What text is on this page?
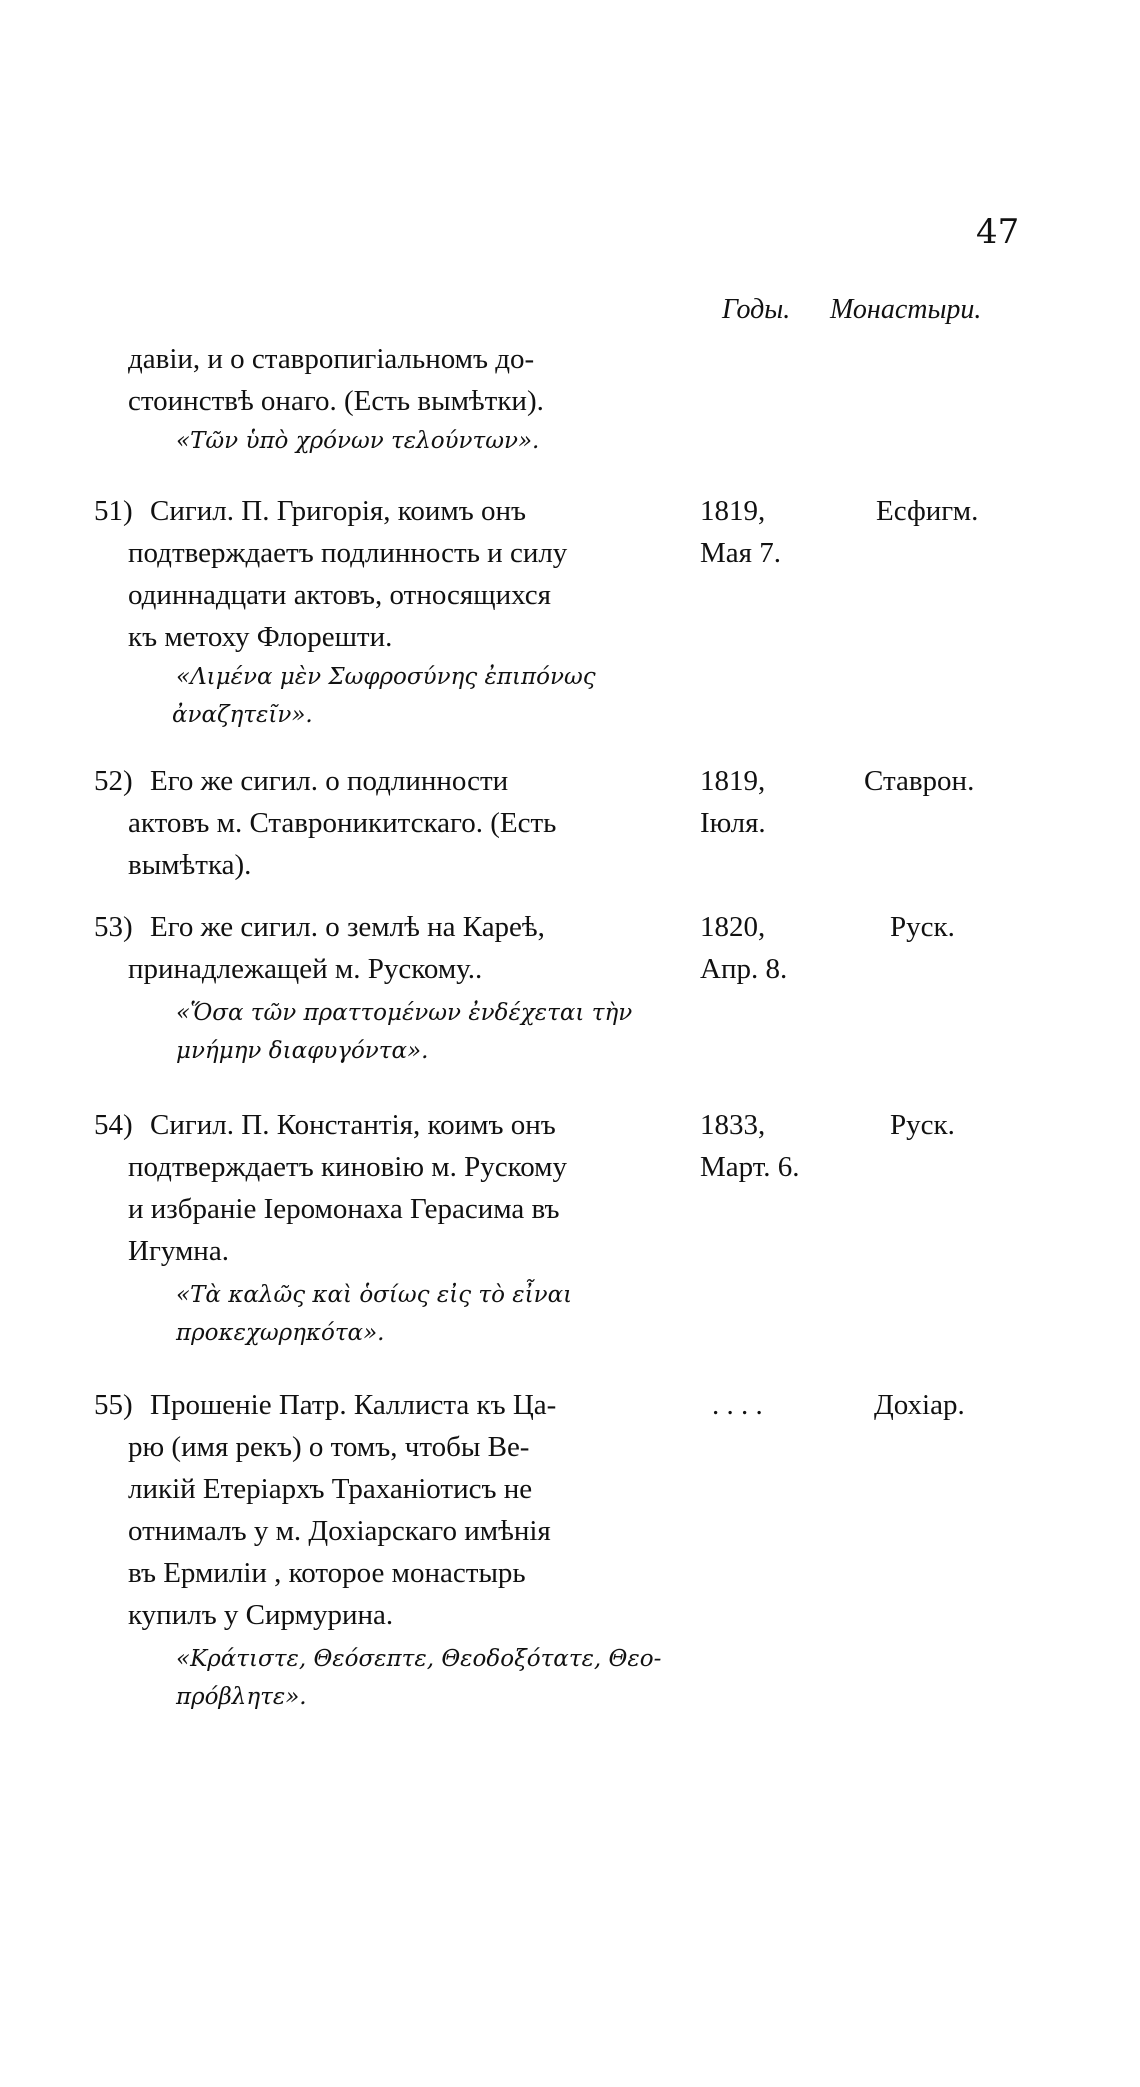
47
Годы. Монастыри.
давіи, и о ставропигіальномъ до-
стоинствѣ онаго. (Есть вымѣтки).
«Τῶν ὑπὸ χρόνων τελούντων».
51) Сигил. П. Григорія, коимъ онъ
подтверждаетъ подлинность и силу
одиннадцати актовъ, относящихся
къ метоху Флорешти.
«Λιμένα μὲν Σωφροσύνης ἐπιπόνως
ἀναζητεῖν».
1819,
Мая 7.
Есфигм.
52) Его же сигил. о подлинности
актовъ м. Ставроникитскаго. (Есть
вымѣтка).
1819,
Іюля.
Ставрон.
53) Его же сигил. о землѣ на Кареѣ,
принадлежащей м. Рускому..
«Ὅσα τῶν πραττομένων ἐνδέχεται τὴν
μνήμην διαφυγόντα».
1820,
Апр. 8.
Руск.
54) Сигил. П. Константія, коимъ онъ
подтверждаетъ киновію м. Рускому
и избраніе Іеромонаха Герасима въ
Игумна.
«Τὰ καλῶς καὶ ὁσίως εἰς τὸ εἶναι
προκεχωρηκότα».
1833,
Март. 6.
Руск.
55) Прошеніе Патр. Каллиста къ Ца-
рю (имя рекъ) о томъ, чтобы Ве-
ликій Етеріархъ Траханіотисъ не
отнималъ у м. Дохіарскаго имѣнія
въ Ермиліи , которое монастырь
купилъ у Сирмурина.
«Κράτιστε, Θεόσεπτε, Θεοδοξότατε, Θεο-
πρόβλητε».
. . . .	Дохіар.
